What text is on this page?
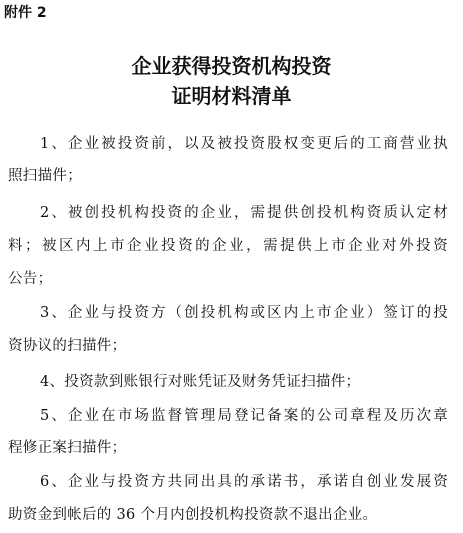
附件 2
企业获得投资机构投资
证明材料清单
1、企业被投资前，以及被投资股权变更后的工商营业执
照扫描件；
2、被创投机构投资的企业，需提供创投机构资质认定材
料；被区内上市企业投资的企业，需提供上市企业对外投资
公告；
3、企业与投资方（创投机构或区内上市企业）签订的投
资协议的扫描件；
4、投资款到账银行对账凭证及财务凭证扫描件；
5、企业在市场监督管理局登记备案的公司章程及历次章
程修正案扫描件；
6、企业与投资方共同出具的承诺书，承诺自创业发展资
助资金到帐后的 36 个月内创投机构投资款不退出企业。
